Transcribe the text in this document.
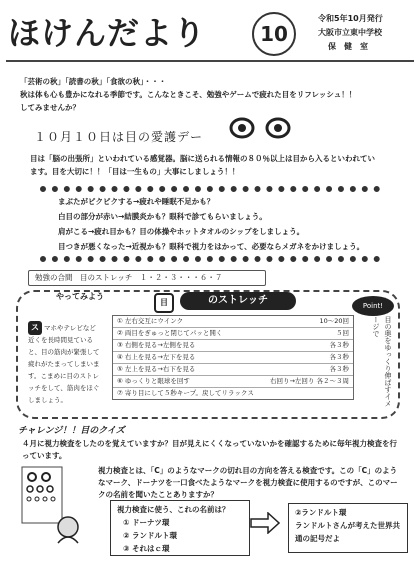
ほけんだより	10
令和5年10月発行
大阪市立東中学校
保　健　室
「芸術の秋」「読書の秋」「食欲の秋」・・・
秋は体も心も豊かになれる季節です。こんなときこそ、勉強やゲームで疲れた目をリフレッシュ！！
してみませんか？
１０月１０日は目の愛護デー
目は「脳の出張所」といわれている感覚器。脳に送られる情報の８０％以上は目から入るといわれてい
ます。目を大切に！！「目は一生もの」大事にしましょう！！
まぶたがピクピクする→疲れや睡眠不足かも？
白目の部分が赤い→結膜炎かも？眼科で診てもらいましょう。
肩がこる→疲れ目かも？目の体操やホットタオルのシップをしましょう。
目つきが悪くなった→近視かも？眼科で視力をはかって、必要ならメガネをかけましょう。
勉強の合間　目のストレッチ　１・２・３・・・６・７
やってみよう
目	のストレッチ	Point!
ス マホやテレビなど近くを長時間見ていると、目の筋肉が緊張して疲れがたまってしまいます。こまめに目のストレッチをして、筋肉をほぐしましょう。
① 左右交互にウインク	10～20回
② 両目をぎゅっと閉じてパッと開く	５回
③ 右側を見る→左側を見る	各３秒
④ 右上を見る→左下を見る	各３秒
⑤ 左上を見る→右下を見る	各３秒
⑥ ゆっくりと眼球を回す	右回り→左回り 各２～３周
⑦ 寄り目にして５秒キープ。戻してリラックス	目の奥をゆっくり伸ばすイメージで
チャレンジ！！目のクイズ
４月に視力検査をしたのを覚えていますか？目が見えにくくなっていないかを確認するために毎年視力検査を行っています。
視力検査とは、「C」のようなマークの切れ目の方向を答える検査です。この「C」のようなマーク、ドーナツを一口食べたようなマークを視力検査に使用するのですが、このマークの名前を聞いたことありますか？
視力検査に使う、これの名前は？
① ドーナツ環
② ランドルト環
③ それはｃ環
②ランドルト環
ランドルトさんが考えた世界共通の記号だよ
